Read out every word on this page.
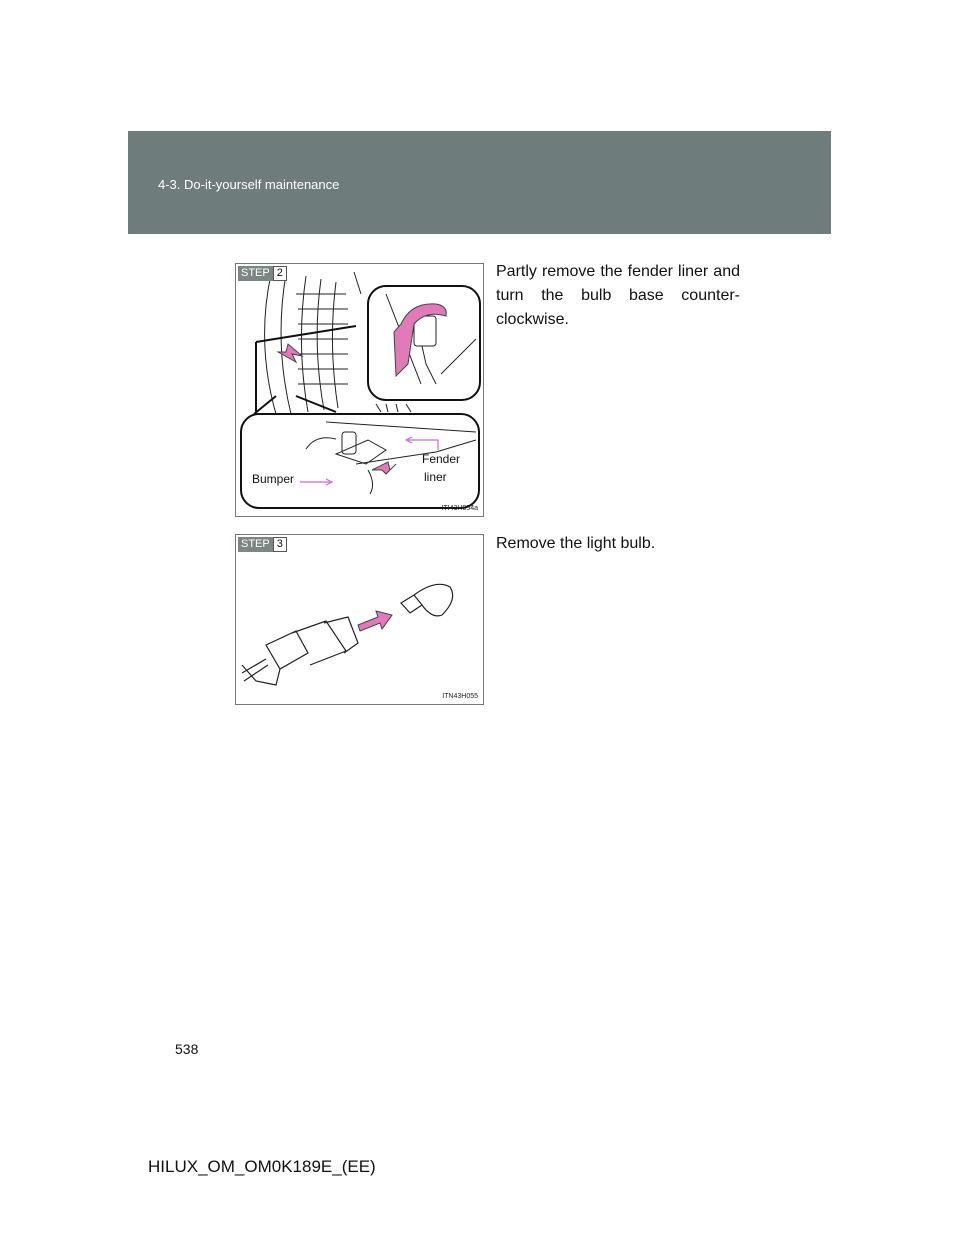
4-3. Do-it-yourself maintenance
STEP 2
Fender
liner
Bumper
ITI43H054a
Partly remove the fender liner and turn the bulb base counter-clockwise.
STEP 3
ITN43H055
Remove the light bulb.
538
HILUX_OM_OM0K189E_(EE)
